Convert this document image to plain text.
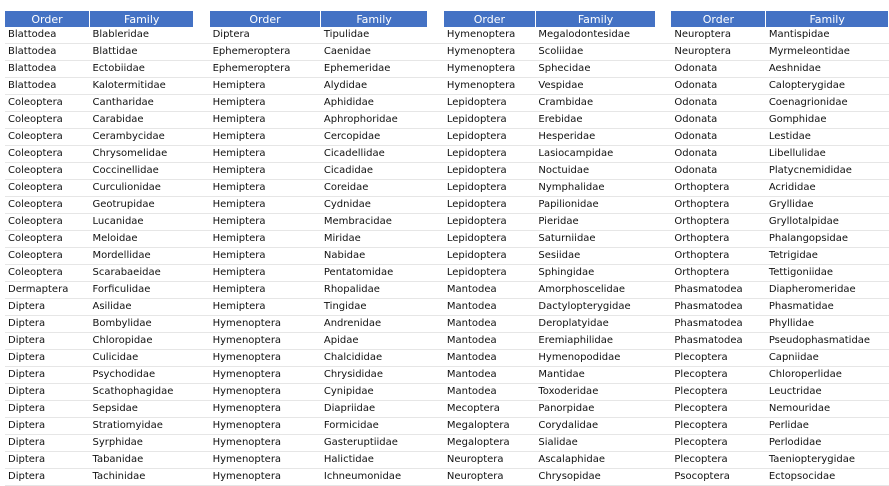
Order	Family		Order	Family		Order	Family		Order	Family
Blattodea	Blableridae		Diptera	Tipulidae		Hymenoptera	Megalodontesidae		Neuroptera	Mantispidae
Blattodea	Blattidae		Ephemeroptera	Caenidae		Hymenoptera	Scoliidae		Neuroptera	Myrmeleontidae
Blattodea	Ectobiidae		Ephemeroptera	Ephemeridae		Hymenoptera	Sphecidae		Odonata	Aeshnidae
Blattodea	Kalotermitidae		Hemiptera	Alydidae		Hymenoptera	Vespidae		Odonata	Calopterygidae
Coleoptera	Cantharidae		Hemiptera	Aphididae		Lepidoptera	Crambidae		Odonata	Coenagrionidae
Coleoptera	Carabidae		Hemiptera	Aphrophoridae		Lepidoptera	Erebidae		Odonata	Gomphidae
Coleoptera	Cerambycidae		Hemiptera	Cercopidae		Lepidoptera	Hesperidae		Odonata	Lestidae
Coleoptera	Chrysomelidae		Hemiptera	Cicadellidae		Lepidoptera	Lasiocampidae		Odonata	Libellulidae
Coleoptera	Coccinellidae		Hemiptera	Cicadidae		Lepidoptera	Noctuidae		Odonata	Platycnemididae
Coleoptera	Curculionidae		Hemiptera	Coreidae		Lepidoptera	Nymphalidae		Orthoptera	Acrididae
Coleoptera	Geotrupidae		Hemiptera	Cydnidae		Lepidoptera	Papilionidae		Orthoptera	Gryllidae
Coleoptera	Lucanidae		Hemiptera	Membracidae		Lepidoptera	Pieridae		Orthoptera	Gryllotalpidae
Coleoptera	Meloidae		Hemiptera	Miridae		Lepidoptera	Saturniidae		Orthoptera	Phalangopsidae
Coleoptera	Mordellidae		Hemiptera	Nabidae		Lepidoptera	Sesiidae		Orthoptera	Tetrigidae
Coleoptera	Scarabaeidae		Hemiptera	Pentatomidae		Lepidoptera	Sphingidae		Orthoptera	Tettigoniidae
Dermaptera	Forficulidae		Hemiptera	Rhopalidae		Mantodea	Amorphoscelidae		Phasmatodea	Diapheromeridae
Diptera	Asilidae		Hemiptera	Tingidae		Mantodea	Dactylopterygidae		Phasmatodea	Phasmatidae
Diptera	Bombylidae		Hymenoptera	Andrenidae		Mantodea	Deroplatyidae		Phasmatodea	Phyllidae
Diptera	Chloropidae		Hymenoptera	Apidae		Mantodea	Eremiaphilidae		Phasmatodea	Pseudophasmatidae
Diptera	Culicidae		Hymenoptera	Chalcididae		Mantodea	Hymenopodidae		Plecoptera	Capniidae
Diptera	Psychodidae		Hymenoptera	Chrysididae		Mantodea	Mantidae		Plecoptera	Chloroperlidae
Diptera	Scathophagidae		Hymenoptera	Cynipidae		Mantodea	Toxoderidae		Plecoptera	Leuctridae
Diptera	Sepsidae		Hymenoptera	Diapriidae		Mecoptera	Panorpidae		Plecoptera	Nemouridae
Diptera	Stratiomyidae		Hymenoptera	Formicidae		Megaloptera	Corydalidae		Plecoptera	Perlidae
Diptera	Syrphidae		Hymenoptera	Gasteruptiidae		Megaloptera	Sialidae		Plecoptera	Perlodidae
Diptera	Tabanidae		Hymenoptera	Halictidae		Neuroptera	Ascalaphidae		Plecoptera	Taeniopterygidae
Diptera	Tachinidae		Hymenoptera	Ichneumonidae		Neuroptera	Chrysopidae		Psocoptera	Ectopsocidae
